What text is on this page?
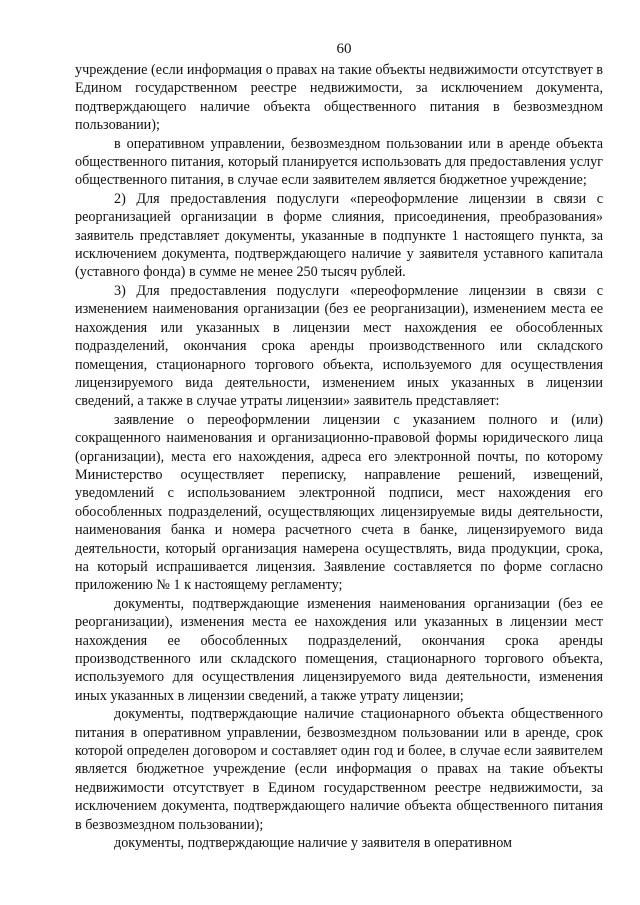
60

учреждение (если информация о правах на такие объекты недвижимости отсутствует в Едином государственном реестре недвижимости, за исключением документа, подтверждающего наличие объекта общественного питания в безвозмездном пользовании);

в оперативном управлении, безвозмездном пользовании или в аренде объекта общественного питания, который планируется использовать для предоставления услуг общественного питания, в случае если заявителем является бюджетное учреждение;

2) Для предоставления подуслуги «переоформление лицензии в связи с реорганизацией организации в форме слияния, присоединения, преобразования» заявитель представляет документы, указанные в подпункте 1 настоящего пункта, за исключением документа, подтверждающего наличие у заявителя уставного капитала (уставного фонда) в сумме не менее 250 тысяч рублей.

3) Для предоставления подуслуги «переоформление лицензии в связи с изменением наименования организации (без ее реорганизации), изменением места ее нахождения или указанных в лицензии мест нахождения ее обособленных подразделений, окончания срока аренды производственного или складского помещения, стационарного торгового объекта, используемого для осуществления лицензируемого вида деятельности, изменением иных указанных в лицензии сведений, а также в случае утраты лицензии» заявитель представляет:

заявление о переоформлении лицензии с указанием полного и (или) сокращенного наименования и организационно-правовой формы юридического лица (организации), места его нахождения, адреса его электронной почты, по которому Министерство осуществляет переписку, направление решений, извещений, уведомлений с использованием электронной подписи, мест нахождения его обособленных подразделений, осуществляющих лицензируемые виды деятельности, наименования банка и номера расчетного счета в банке, лицензируемого вида деятельности, который организация намерена осуществлять, вида продукции, срока, на который испрашивается лицензия. Заявление составляется по форме согласно приложению № 1 к настоящему регламенту;

документы, подтверждающие изменения наименования организации (без ее реорганизации), изменения места ее нахождения или указанных в лицензии мест нахождения ее обособленных подразделений, окончания срока аренды производственного или складского помещения, стационарного торгового объекта, используемого для осуществления лицензируемого вида деятельности, изменения иных указанных в лицензии сведений, а также утрату лицензии;

документы, подтверждающие наличие стационарного объекта общественного питания в оперативном управлении, безвозмездном пользовании или в аренде, срок которой определен договором и составляет один год и более, в случае если заявителем является бюджетное учреждение (если информация о правах на такие объекты недвижимости отсутствует в Едином государственном реестре недвижимости, за исключением документа, подтверждающего наличие объекта общественного питания в безвозмездном пользовании);

документы, подтверждающие наличие у заявителя в оперативном
